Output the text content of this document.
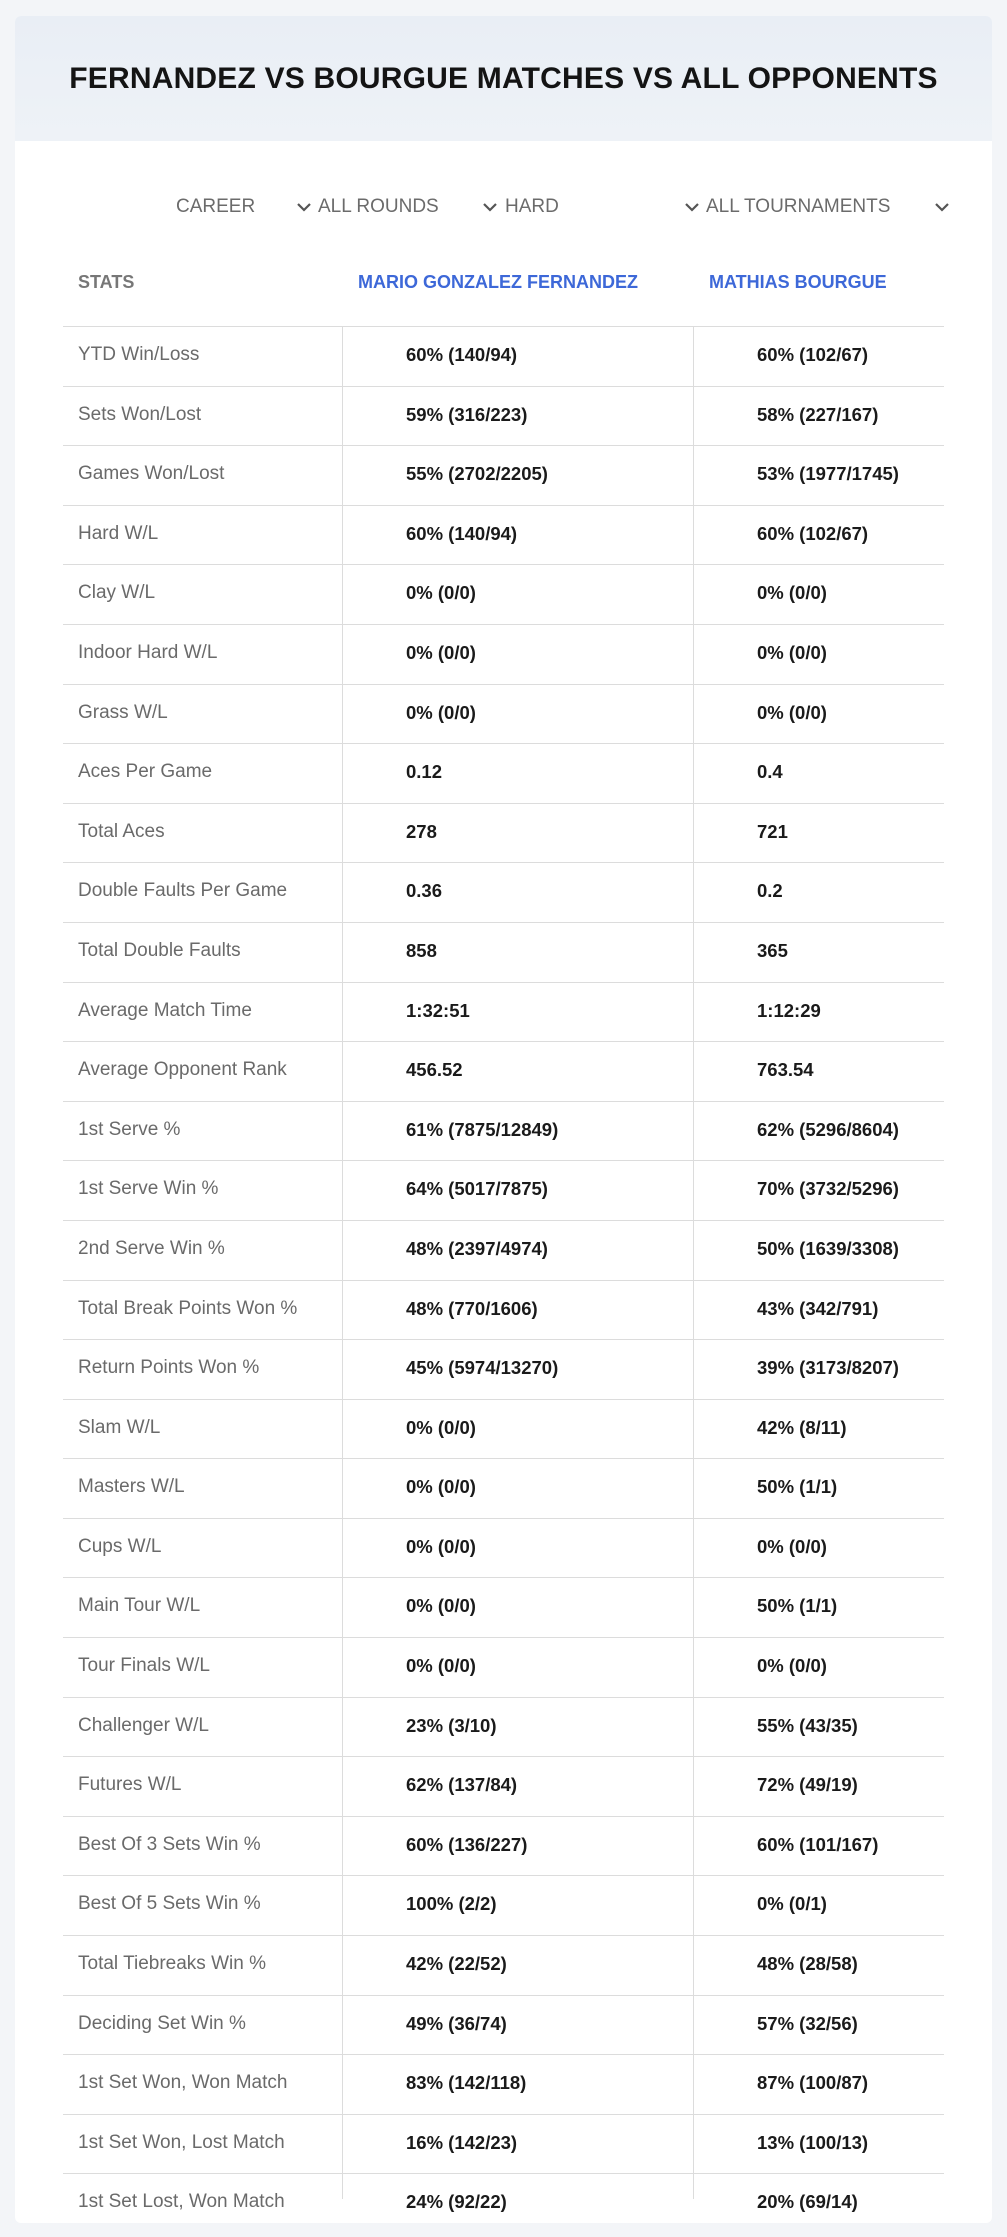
FERNANDEZ VS BOURGUE MATCHES VS ALL OPPONENTS
CAREER	ALL ROUNDS	HARD	ALL TOURNAMENTS
STATS	MARIO GONZALEZ FERNANDEZ	MATHIAS BOURGUE
YTD Win/Loss	60% (140/94)	60% (102/67)
Sets Won/Lost	59% (316/223)	58% (227/167)
Games Won/Lost	55% (2702/2205)	53% (1977/1745)
Hard W/L	60% (140/94)	60% (102/67)
Clay W/L	0% (0/0)	0% (0/0)
Indoor Hard W/L	0% (0/0)	0% (0/0)
Grass W/L	0% (0/0)	0% (0/0)
Aces Per Game	0.12	0.4
Total Aces	278	721
Double Faults Per Game	0.36	0.2
Total Double Faults	858	365
Average Match Time	1:32:51	1:12:29
Average Opponent Rank	456.52	763.54
1st Serve %	61% (7875/12849)	62% (5296/8604)
1st Serve Win %	64% (5017/7875)	70% (3732/5296)
2nd Serve Win %	48% (2397/4974)	50% (1639/3308)
Total Break Points Won %	48% (770/1606)	43% (342/791)
Return Points Won %	45% (5974/13270)	39% (3173/8207)
Slam W/L	0% (0/0)	42% (8/11)
Masters W/L	0% (0/0)	50% (1/1)
Cups W/L	0% (0/0)	0% (0/0)
Main Tour W/L	0% (0/0)	50% (1/1)
Tour Finals W/L	0% (0/0)	0% (0/0)
Challenger W/L	23% (3/10)	55% (43/35)
Futures W/L	62% (137/84)	72% (49/19)
Best Of 3 Sets Win %	60% (136/227)	60% (101/167)
Best Of 5 Sets Win %	100% (2/2)	0% (0/1)
Total Tiebreaks Win %	42% (22/52)	48% (28/58)
Deciding Set Win %	49% (36/74)	57% (32/56)
1st Set Won, Won Match	83% (142/118)	87% (100/87)
1st Set Won, Lost Match	16% (142/23)	13% (100/13)
1st Set Lost, Won Match	24% (92/22)	20% (69/14)
